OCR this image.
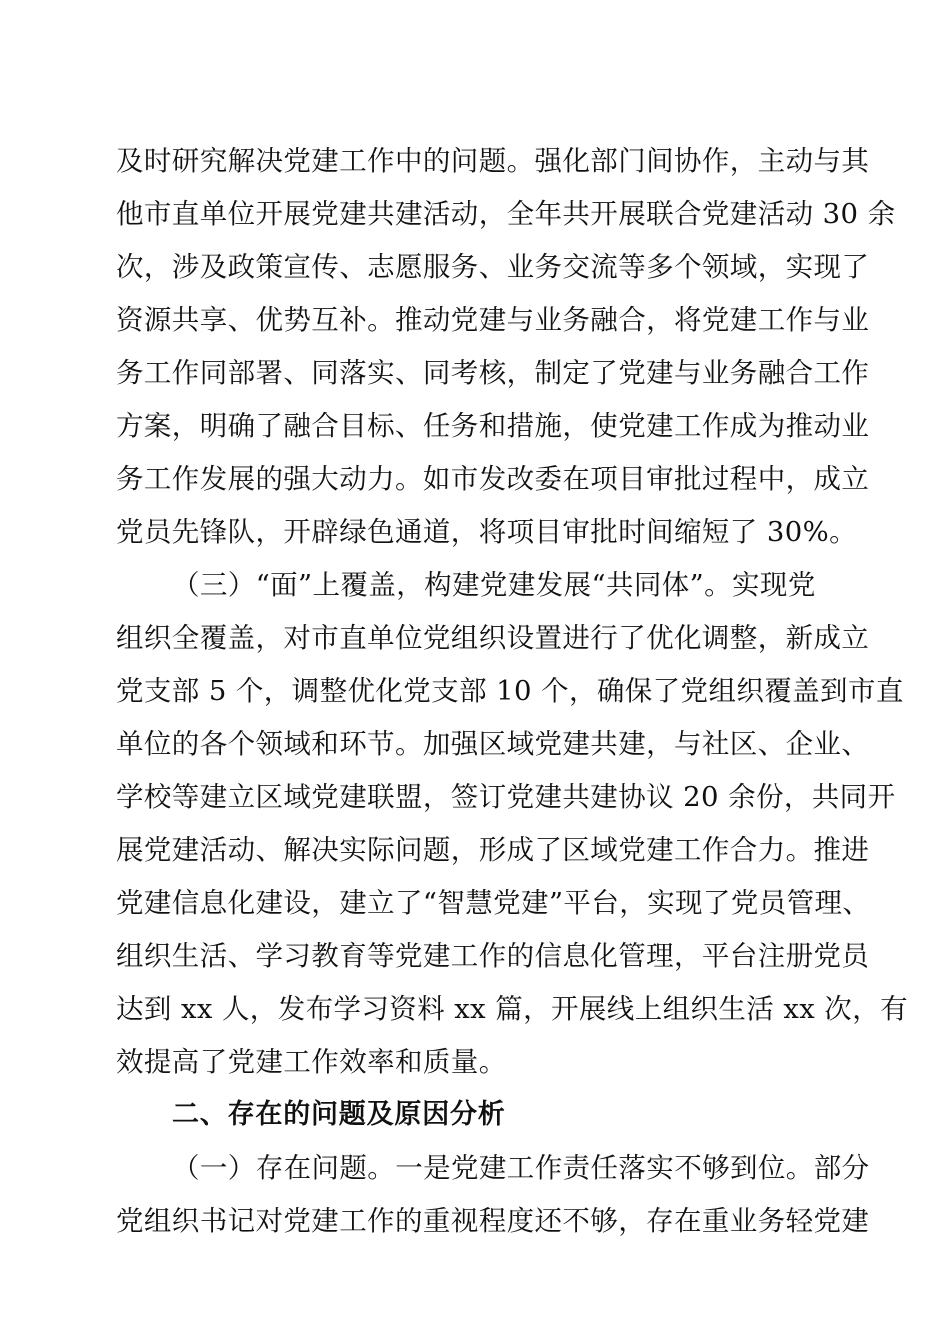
及时研究解决党建工作中的问题。强化部门间协作，主动与其
他市直单位开展党建共建活动，全年共开展联合党建活动 30 余
次，涉及政策宣传、志愿服务、业务交流等多个领域，实现了
资源共享、优势互补。推动党建与业务融合，将党建工作与业
务工作同部署、同落实、同考核，制定了党建与业务融合工作
方案，明确了融合目标、任务和措施，使党建工作成为推动业
务工作发展的强大动力。如市发改委在项目审批过程中，成立
党员先锋队，开辟绿色通道，将项目审批时间缩短了 30%。
（三）“面”上覆盖，构建党建发展“共同体”。实现党
组织全覆盖，对市直单位党组织设置进行了优化调整，新成立
党支部 5 个，调整优化党支部 10 个，确保了党组织覆盖到市直
单位的各个领域和环节。加强区域党建共建，与社区、企业、
学校等建立区域党建联盟，签订党建共建协议 20 余份，共同开
展党建活动、解决实际问题，形成了区域党建工作合力。推进
党建信息化建设，建立了“智慧党建”平台，实现了党员管理、
组织生活、学习教育等党建工作的信息化管理，平台注册党员
达到 xx 人，发布学习资料 xx 篇，开展线上组织生活 xx 次，有
效提高了党建工作效率和质量。
二、存在的问题及原因分析
（一）存在问题。一是党建工作责任落实不够到位。部分
党组织书记对党建工作的重视程度还不够，存在重业务轻党建
